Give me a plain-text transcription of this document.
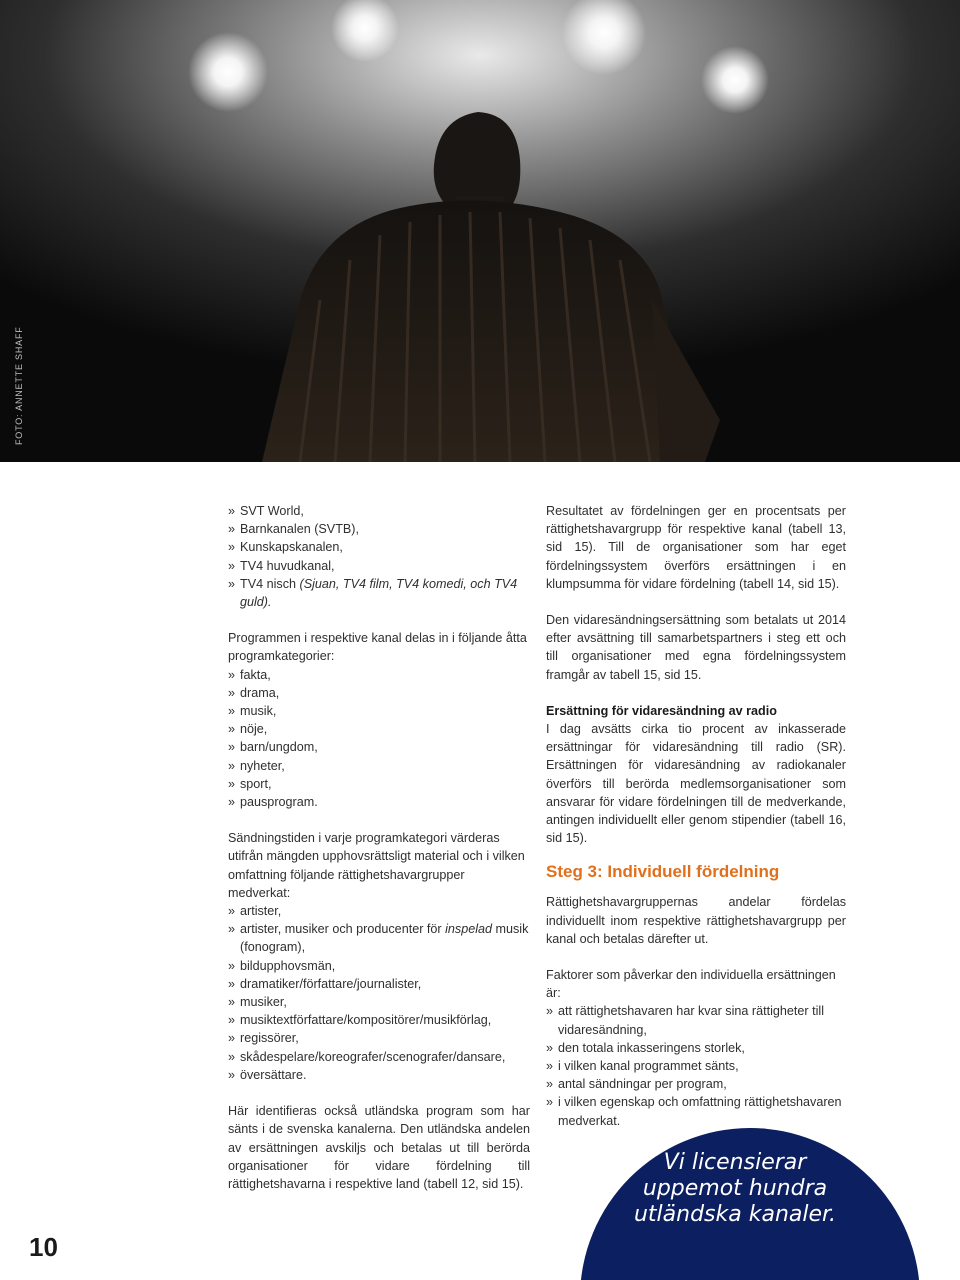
FOTO: ANNETTE SHAFF
» SVT World,
» Barnkanalen (SVTB),
» Kunskapskanalen,
» TV4 huvudkanal,
» TV4 nisch (Sjuan, TV4 film, TV4 komedi, och TV4 guld).

Programmen i respektive kanal delas in i följande åtta programkategorier:

» fakta,
» drama,
» musik,
» nöje,
» barn/ungdom,
» nyheter,
» sport,
» pausprogram.

Sändningstiden i varje programkategori värderas utifrån mängden upphovsrättsligt material och i vilken omfattning följande rättighetshavargrupper medverkat:

» artister,
» artister, musiker och producenter för inspelad musik (fonogram),
» bildupphovsmän,
» dramatiker/författare/journalister,
» musiker,
» musiktextförfattare/kompositörer/musikförlag,
» regissörer,
» skådespelare/koreografer/scenografer/dansare,
» översättare.

Här identifieras också utländska program som har sänts i de svenska kanalerna. Den utländska andelen av ersättningen avskiljs och betalas ut till berörda organisationer för vidare fördelning till rättighetshavarna i respektive land (tabell 12, sid 15).

Resultatet av fördelningen ger en procentsats per rättighetshavargrupp för respektive kanal (tabell 13, sid 15). Till de organisationer som har eget fördelningssystem överförs ersättningen i en klumpsumma för vidare fördelning (tabell 14, sid 15).

Den vidaresändningsersättning som betalats ut 2014 efter avsättning till samarbetspartners i steg ett och till organisationer med egna fördelningssystem framgår av tabell 15, sid 15.

Ersättning för vidaresändning av radio

I dag avsätts cirka tio procent av inkasserade ersättningar för vidaresändning till radio (SR). Ersättningen för vidaresändning av radiokanaler överförs till berörda medlemsorganisationer som ansvarar för vidare fördelningen till de medverkande, antingen individuellt eller genom stipendier (tabell 16, sid 15).

Steg 3: Individuell fördelning

Rättighetshavargruppernas andelar fördelas individuellt inom respektive rättighetshavargrupp per kanal och betalas därefter ut.

Faktorer som påverkar den individuella ersättningen är:

» att rättighetshavaren har kvar sina rättigheter till vidaresändning,
» den totala inkasseringens storlek,
» i vilken kanal programmet sänts,
» antal sändningar per program,
» i vilken egenskap och omfattning rättighetshavaren medverkat.
10
Vi licensierar
uppemot hundra
utländska kanaler.
